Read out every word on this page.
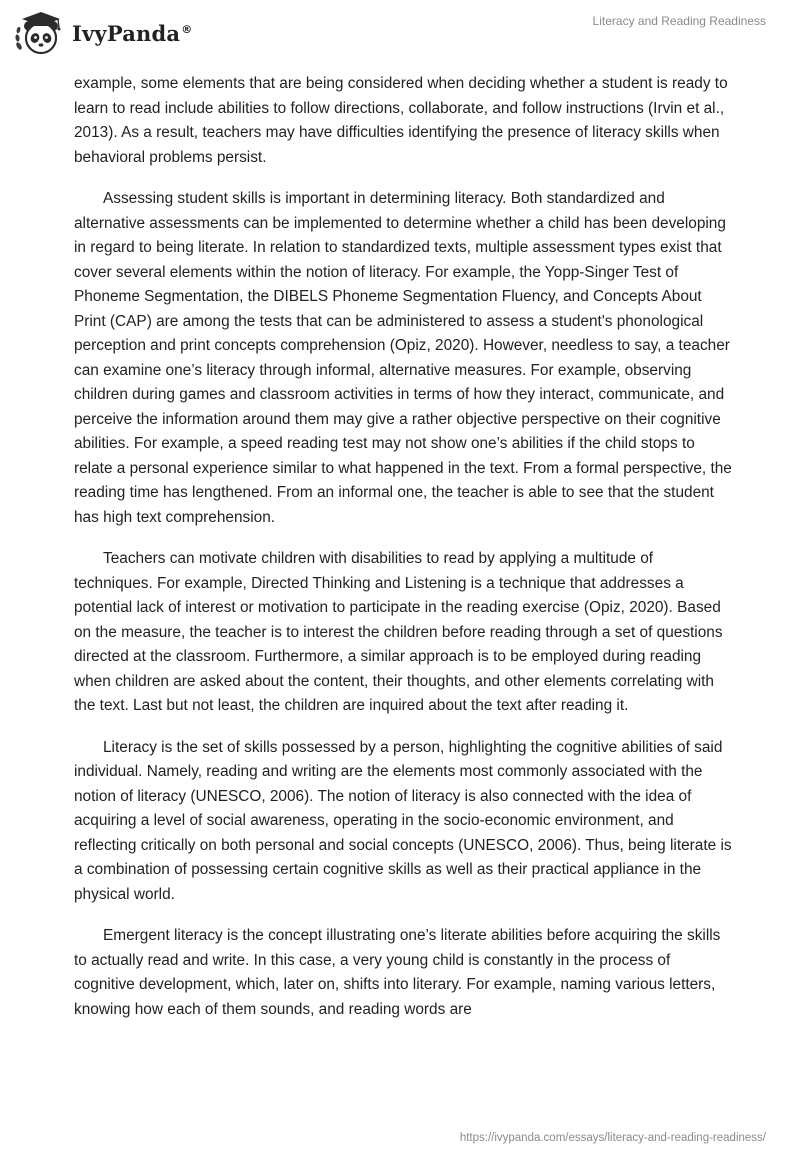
IvyPanda®
Literacy and Reading Readiness

example, some elements that are being considered when deciding whether a student is ready to learn to read include abilities to follow directions, collaborate, and follow instructions (Irvin et al., 2013). As a result, teachers may have difficulties identifying the presence of literacy skills when behavioral problems persist.

Assessing student skills is important in determining literacy. Both standardized and alternative assessments can be implemented to determine whether a child has been developing in regard to being literate. In relation to standardized texts, multiple assessment types exist that cover several elements within the notion of literacy. For example, the Yopp-Singer Test of Phoneme Segmentation, the DIBELS Phoneme Segmentation Fluency, and Concepts About Print (CAP) are among the tests that can be administered to assess a student's phonological perception and print concepts comprehension (Opiz, 2020). However, needless to say, a teacher can examine one’s literacy through informal, alternative measures. For example, observing children during games and classroom activities in terms of how they interact, communicate, and perceive the information around them may give a rather objective perspective on their cognitive abilities. For example, a speed reading test may not show one’s abilities if the child stops to relate a personal experience similar to what happened in the text. From a formal perspective, the reading time has lengthened. From an informal one, the teacher is able to see that the student has high text comprehension.

Teachers can motivate children with disabilities to read by applying a multitude of techniques. For example, Directed Thinking and Listening is a technique that addresses a potential lack of interest or motivation to participate in the reading exercise (Opiz, 2020). Based on the measure, the teacher is to interest the children before reading through a set of questions directed at the classroom. Furthermore, a similar approach is to be employed during reading when children are asked about the content, their thoughts, and other elements correlating with the text. Last but not least, the children are inquired about the text after reading it.

Literacy is the set of skills possessed by a person, highlighting the cognitive abilities of said individual. Namely, reading and writing are the elements most commonly associated with the notion of literacy (UNESCO, 2006). The notion of literacy is also connected with the idea of acquiring a level of social awareness, operating in the socio-economic environment, and reflecting critically on both personal and social concepts (UNESCO, 2006). Thus, being literate is a combination of possessing certain cognitive skills as well as their practical appliance in the physical world.

Emergent literacy is the concept illustrating one’s literate abilities before acquiring the skills to actually read and write. In this case, a very young child is constantly in the process of cognitive development, which, later on, shifts into literary. For example, naming various letters, knowing how each of them sounds, and reading words are

https://ivypanda.com/essays/literacy-and-reading-readiness/
